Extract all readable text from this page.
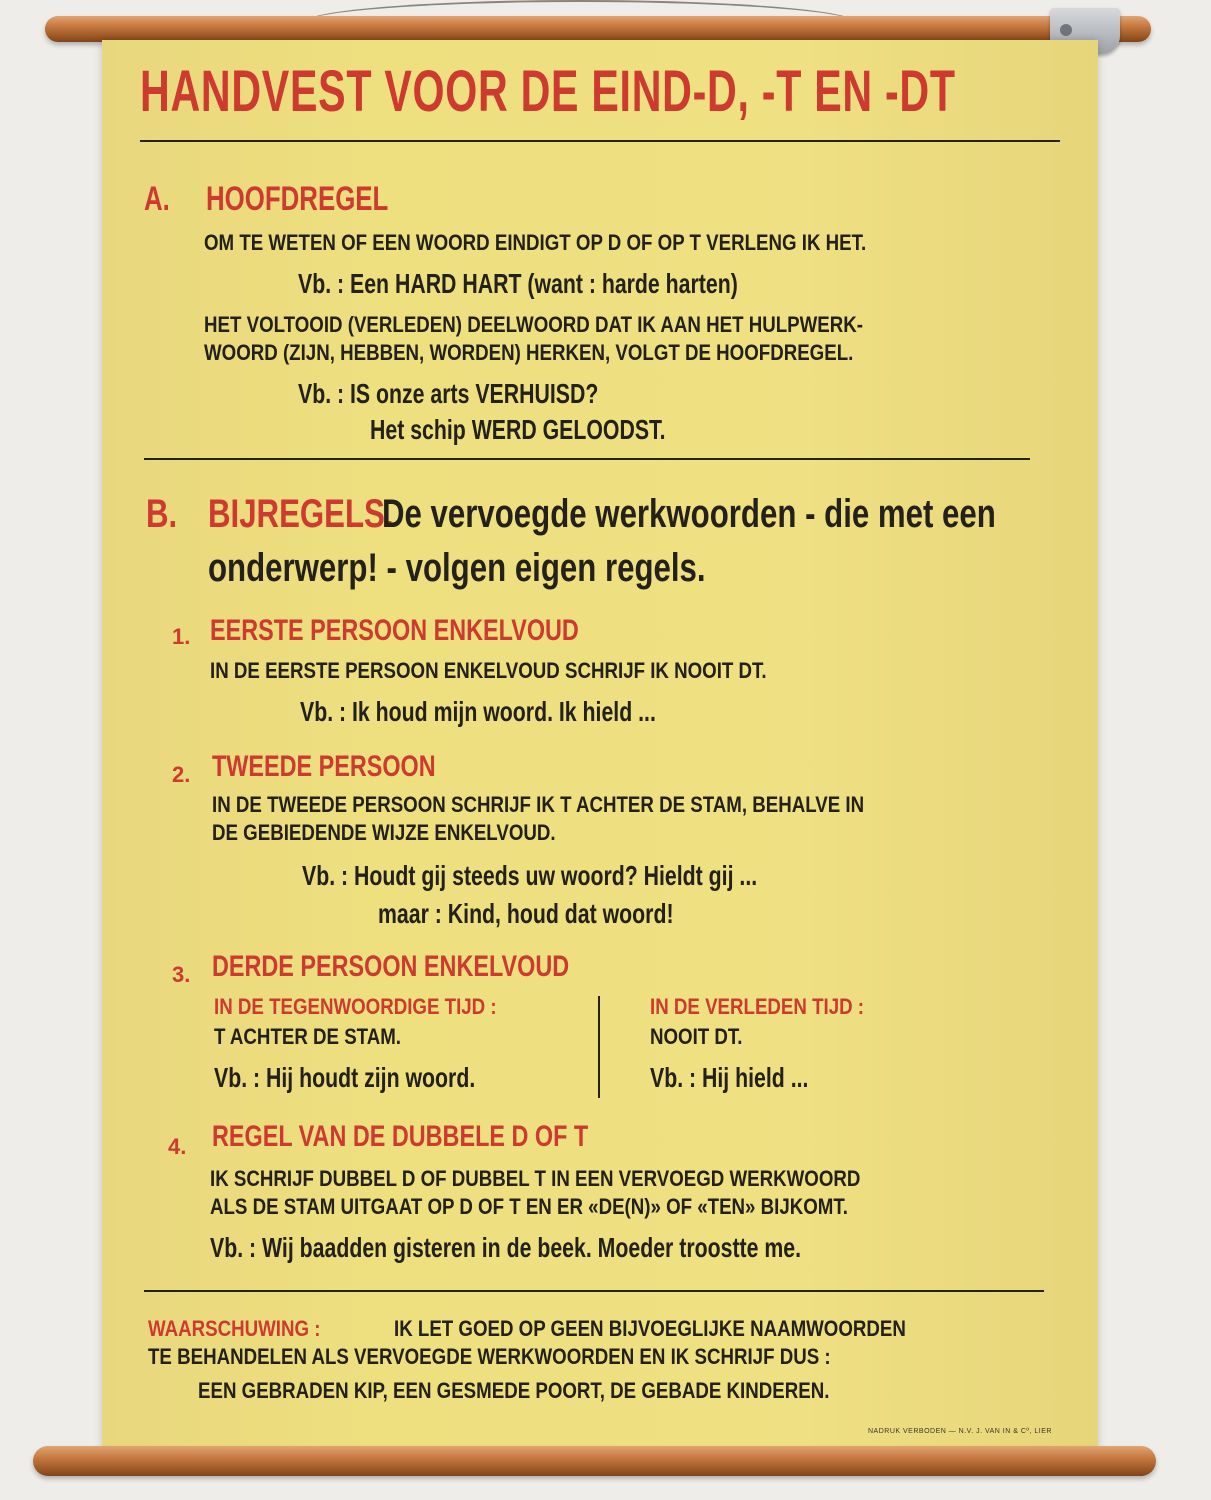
HANDVEST VOOR DE EIND-D, -T EN -DT

A. HOOFDREGEL

OM TE WETEN OF EEN WOORD EINDIGT OP D OF OP T VERLENG IK HET.

Vb. : Een HARD HART (want : harde harten)

HET VOLTOOID (VERLEDEN) DEELWOORD DAT IK AAN HET HULPWERK-

WOORD (ZIJN, HEBBEN, WORDEN) HERKEN, VOLGT DE HOOFDREGEL.

Vb. : IS onze arts VERHUISD?

Het schip WERD GELOODST.

B. BIJREGELS.

De vervoegde werkwoorden - die met een

onderwerp! - volgen eigen regels.

1. EERSTE PERSOON ENKELVOUD

IN DE EERSTE PERSOON ENKELVOUD SCHRIJF IK NOOIT DT.

Vb. : Ik houd mijn woord. Ik hield ...

2. TWEEDE PERSOON

IN DE TWEEDE PERSOON SCHRIJF IK T ACHTER DE STAM, BEHALVE IN

DE GEBIEDENDE WIJZE ENKELVOUD.

Vb. : Houdt gij steeds uw woord? Hieldt gij ...

maar : Kind, houd dat woord!

3. DERDE PERSOON ENKELVOUD

IN DE TEGENWOORDIGE TIJD :

T ACHTER DE STAM.

Vb. : Hij houdt zijn woord.

IN DE VERLEDEN TIJD :

NOOIT DT.

Vb. : Hij hield ...

4. REGEL VAN DE DUBBELE D OF T

IK SCHRIJF DUBBEL D OF DUBBEL T IN EEN VERVOEGD WERKWOORD

ALS DE STAM UITGAAT OP D OF T EN ER «DE(N)» OF «TEN» BIJKOMT.

Vb. : Wij baadden gisteren in de beek. Moeder troostte me.

WAARSCHUWING :	IK LET GOED OP GEEN BIJVOEGLIJKE NAAMWOORDEN

TE BEHANDELEN ALS VERVOEGDE WERKWOORDEN EN IK SCHRIJF DUS :

EEN GEBRADEN KIP, EEN GESMEDE POORT, DE GEBADE KINDEREN.

NADRUK VERBODEN — N.V. J. VAN IN & Cº, LIER
